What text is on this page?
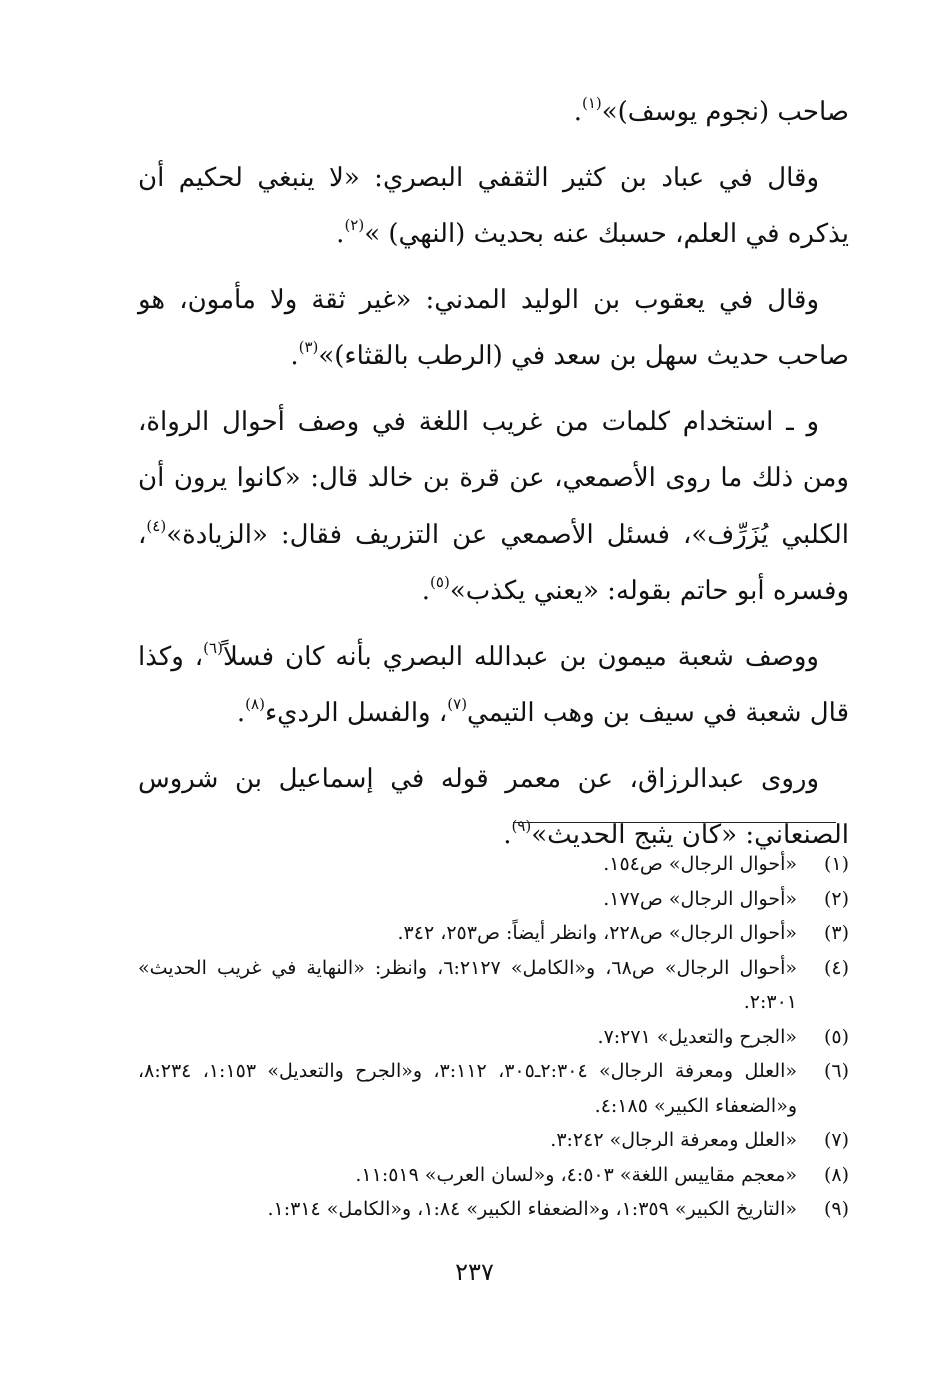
صاحب (نجوم يوسف)»$^{(١)}$.

وقال في عباد بن كثير الثقفي البصري: «لا ينبغي لحكيم أن يذكره في العلم، حسبك عنه بحديث (النهي) »$^{(٢)}$.

وقال في يعقوب بن الوليد المدني: «غير ثقة ولا مأمون، هو صاحب حديث سهل بن سعد في (الرطب بالقثاء)»$^{(٣)}$.

و ـ استخدام كلمات من غريب اللغة في وصف أحوال الرواة، ومن ذلك ما روى الأصمعي، عن قرة بن خالد قال: «كانوا يرون أن الكلبي يُزَرِّف»، فسئل الأصمعي عن التزريف فقال: «الزيادة»$^{(٤)}$، وفسره أبو حاتم بقوله: «يعني يكذب»$^{(٥)}$.

ووصف شعبة ميمون بن عبدالله البصري بأنه كان فسلاً$^{(٦)}$، وكذا قال شعبة في سيف بن وهب التيمي$^{(٧)}$، والفسل الرديء$^{(٨)}$.

وروى عبدالرزاق، عن معمر قوله في إسماعيل بن شروس الصنعاني: «كان يثبج الحديث»$^{(٩)}$.

(١)
«أحوال الرجال» ص١٥٤.
(٢)
«أحوال الرجال» ص١٧٧.
(٣)
«أحوال الرجال» ص٢٢٨، وانظر أيضاً: ص٢٥٣، ٣٤٢.
(٤)
«أحوال الرجال» ص٦٨، و«الكامل» ٦:٢١٢٧، وانظر: «النهاية في غريب الحديث» ٢:٣٠١.
(٥)
«الجرح والتعديل» ٧:٢٧١.
(٦)
«العلل ومعرفة الرجال» ٢:٣٠٤ـ٣٠٥، ٣:١١٢، و«الجرح والتعديل» ١:١٥٣، ٨:٢٣٤، و«الضعفاء الكبير» ٤:١٨٥.
(٧)
«العلل ومعرفة الرجال» ٣:٢٤٢.
(٨)
«معجم مقاييس اللغة» ٤:٥٠٣، و«لسان العرب» ١١:٥١٩.
(٩)
«التاريخ الكبير» ١:٣٥٩، و«الضعفاء الكبير» ١:٨٤، و«الكامل» ١:٣١٤.
٢٣٧
